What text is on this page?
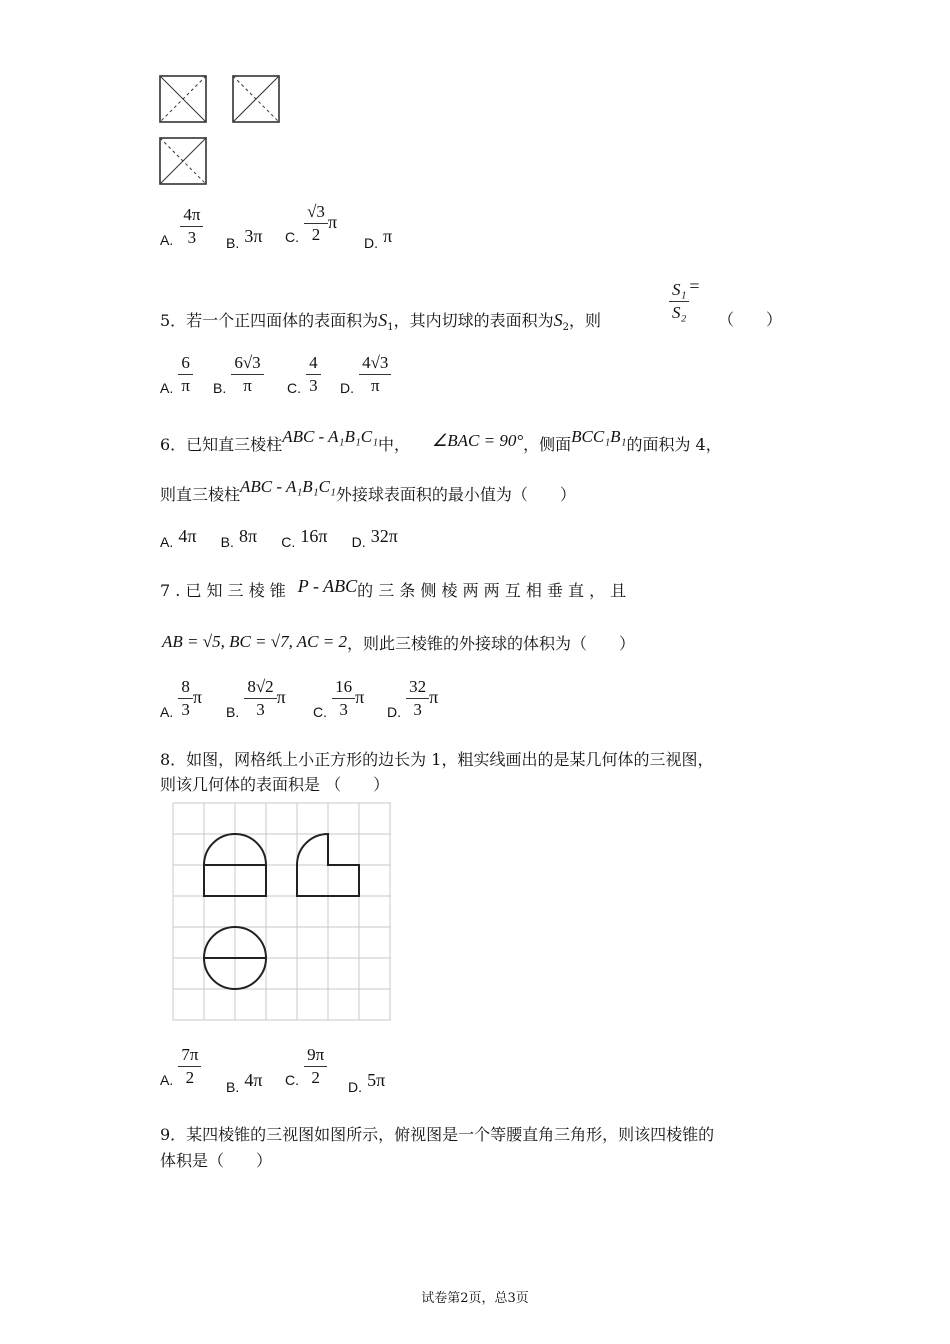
A. $\frac{4\pi}{3} B$. 3π C. $\frac{√3}{2}$ π
D. π
5．若一个正四面体的表面积为$S_1$，其内切球的表面积为$S_2$，则	$\frac{\text{S₁}}{\text{S₂}}$ =
（　　）
A. $\frac{6}{\pi} B$. $\frac{6√3}{\pi} C$. $\frac{4}{3} D$. $\frac{4√3}{\pi}$
6．已知直三棱柱ABC - A₁B₁C₁中， ∠BAC = 90°，侧面BCC₁B₁的面积为 4，
则直三棱柱ABC - A₁B₁C₁外接球表面积的最小值为（　　）
A. 4π B. 8π C. 16π D. 32π
7 . 已 知 三 棱 锥 P - ABC的 三 条 侧 棱 两 两 互 相 垂 直 ， 且
AB = √5, BC = √7, AC = 2，则此三棱锥的外接球的体积为（　　）
A. $\frac{8}{3}$ π
B. $\frac{8√2}{3}$ π
C. $\frac{16}{3}$ π
D. $\frac{32}{3}$ π
8．如图，网格纸上小正方形的边长为 1，粗实线画出的是某几何体的三视图，
则该几何体的表面积是 （　　）
A. $\frac{7\pi}{2} B$. 4π C. $\frac{9\pi}{2} D$. 5π
9．某四棱锥的三视图如图所示，俯视图是一个等腰直角三角形，则该四棱锥的
体积是（　　）
试卷第2页，总3页
